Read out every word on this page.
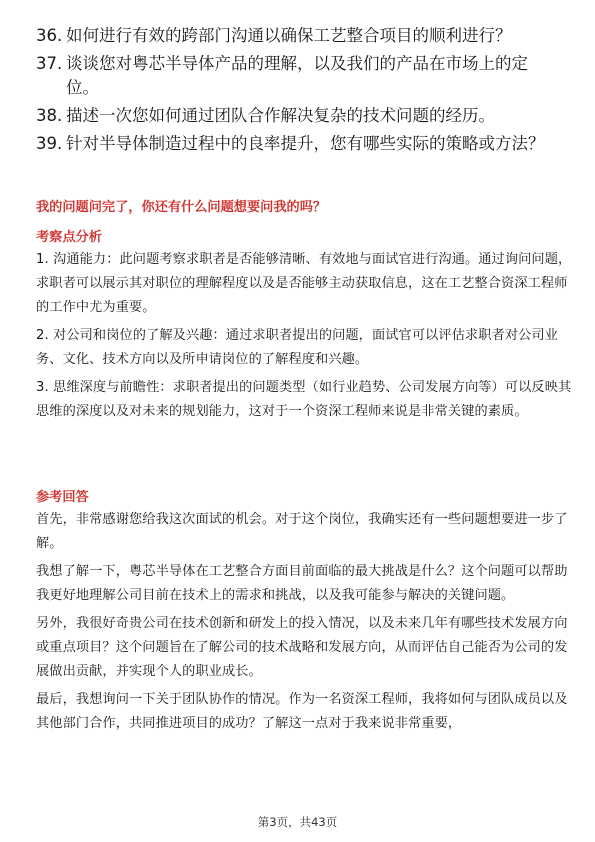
36. 如何进行有效的跨部门沟通以确保工艺整合项目的顺利进行？
37. 谈谈您对粤芯半导体产品的理解，以及我们的产品在市场上的定位。
38. 描述一次您如何通过团队合作解决复杂的技术问题的经历。
39. 针对半导体制造过程中的良率提升，您有哪些实际的策略或方法？
我的问题问完了，你还有什么问题想要问我的吗？
考察点分析

1. 沟通能力：此问题考察求职者是否能够清晰、有效地与面试官进行沟通。通过询问问题，求职者可以展示其对职位的理解程度以及是否能够主动获取信息，这在工艺整合资深工程师的工作中尤为重要。

2. 对公司和岗位的了解及兴趣：通过求职者提出的问题，面试官可以评估求职者对公司业务、文化、技术方向以及所申请岗位的了解程度和兴趣。

3. 思维深度与前瞻性：求职者提出的问题类型（如行业趋势、公司发展方向等）可以反映其思维的深度以及对未来的规划能力，这对于一个资深工程师来说是非常关键的素质。

参考回答

首先，非常感谢您给我这次面试的机会。对于这个岗位，我确实还有一些问题想要进一步了解。

我想了解一下，粤芯半导体在工艺整合方面目前面临的最大挑战是什么？这个问题可以帮助我更好地理解公司目前在技术上的需求和挑战，以及我可能参与解决的关键问题。

另外，我很好奇贵公司在技术创新和研发上的投入情况，以及未来几年有哪些技术发展方向或重点项目？这个问题旨在了解公司的技术战略和发展方向，从而评估自己能否为公司的发展做出贡献，并实现个人的职业成长。

最后，我想询问一下关于团队协作的情况。作为一名资深工程师，我将如何与团队成员以及其他部门合作，共同推进项目的成功？了解这一点对于我来说非常重要，

第3页，共43页
